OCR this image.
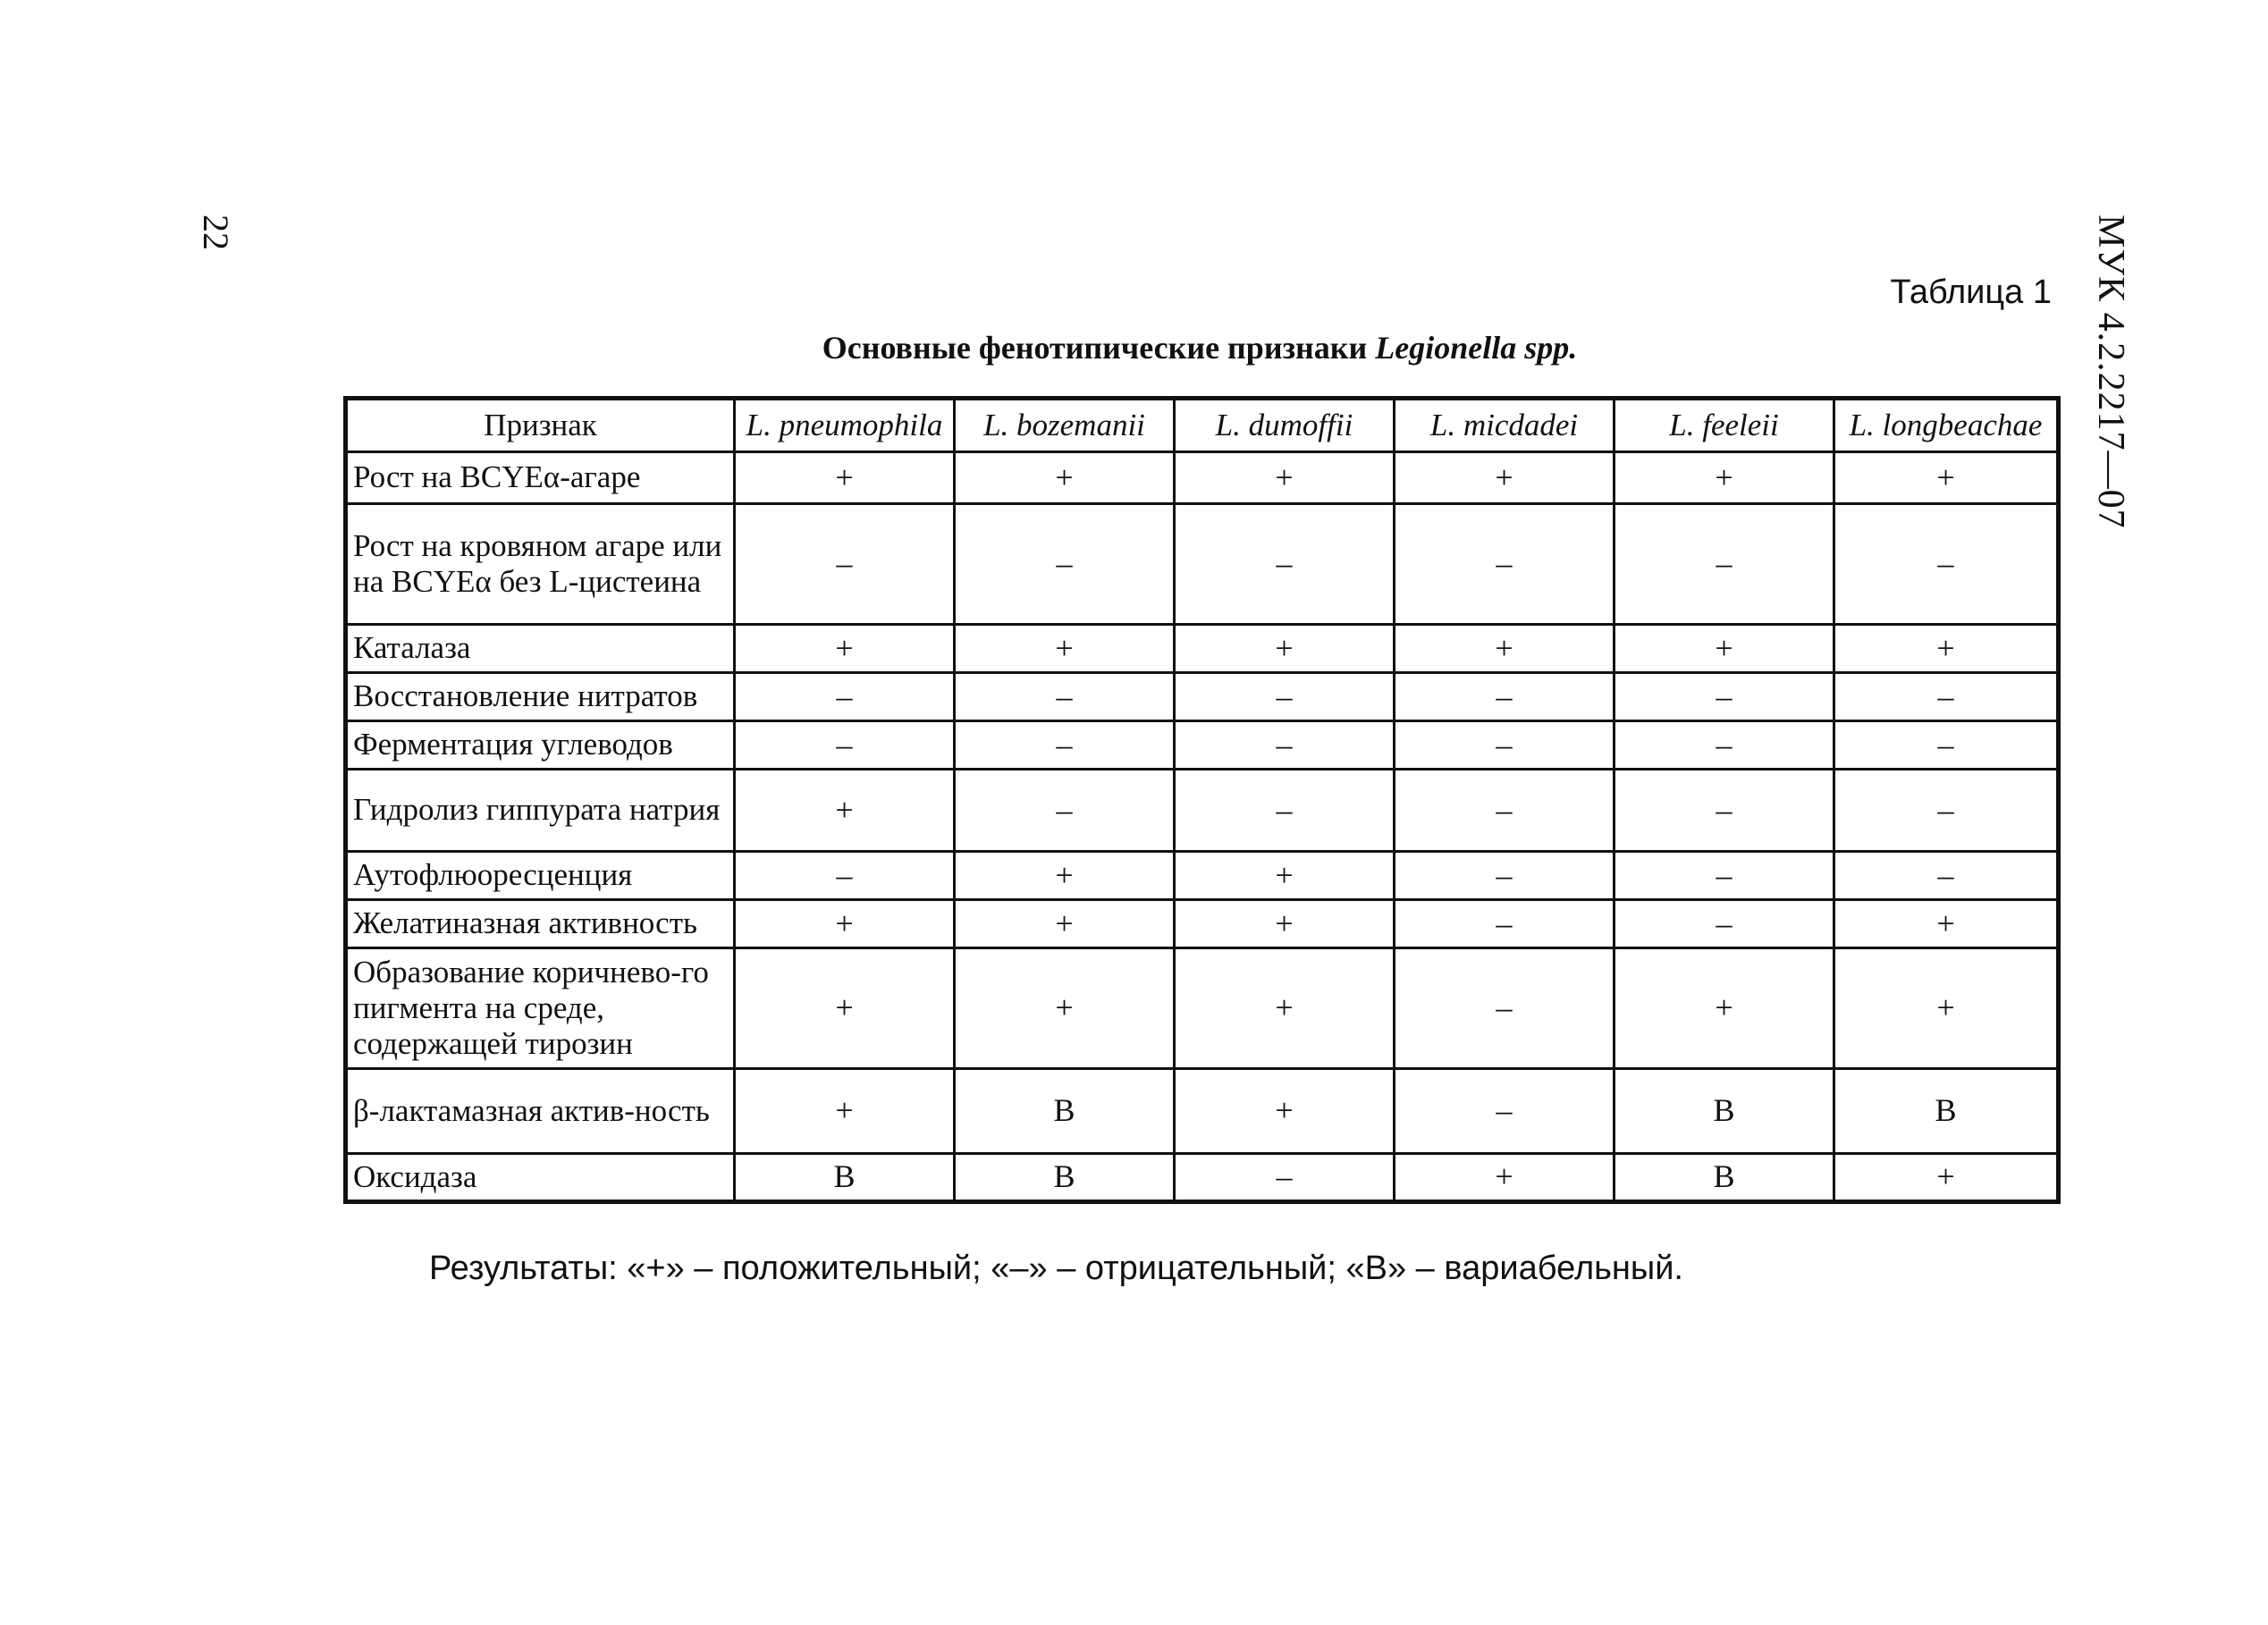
22	МУК 4.2.2217—07
Таблица 1
Основные фенотипические признаки Legionella spp.
Признак	L. pneumophila	L. bozemanii	L. dumoffii	L. micdadei	L. feeleii	L. longbeachae
Рост на BCYEα-агаре	+	+	+	+	+	+
Рост на кровяном агаре или на BCYEα без L-цистеина	–	–	–	–	–	–
Каталаза	+	+	+	+	+	+
Восстановление нитратов	–	–	–	–	–	–
Ферментация углеводов	–	–	–	–	–	–
Гидролиз гиппурата натрия	+	–	–	–	–	–
Аутофлюоресценция	–	+	+	–	–	–
Желатиназная активность	+	+	+	–	–	+
Образование коричнево-го пигмента на среде, содержащей тирозин	+	+	+	–	+	+
β-лактамазная актив-ность	+	В	+	–	В	В
Оксидаза	В	В	–	+	В	+
Результаты: «+» – положительный; «–» – отрицательный; «В» – вариабельный.
